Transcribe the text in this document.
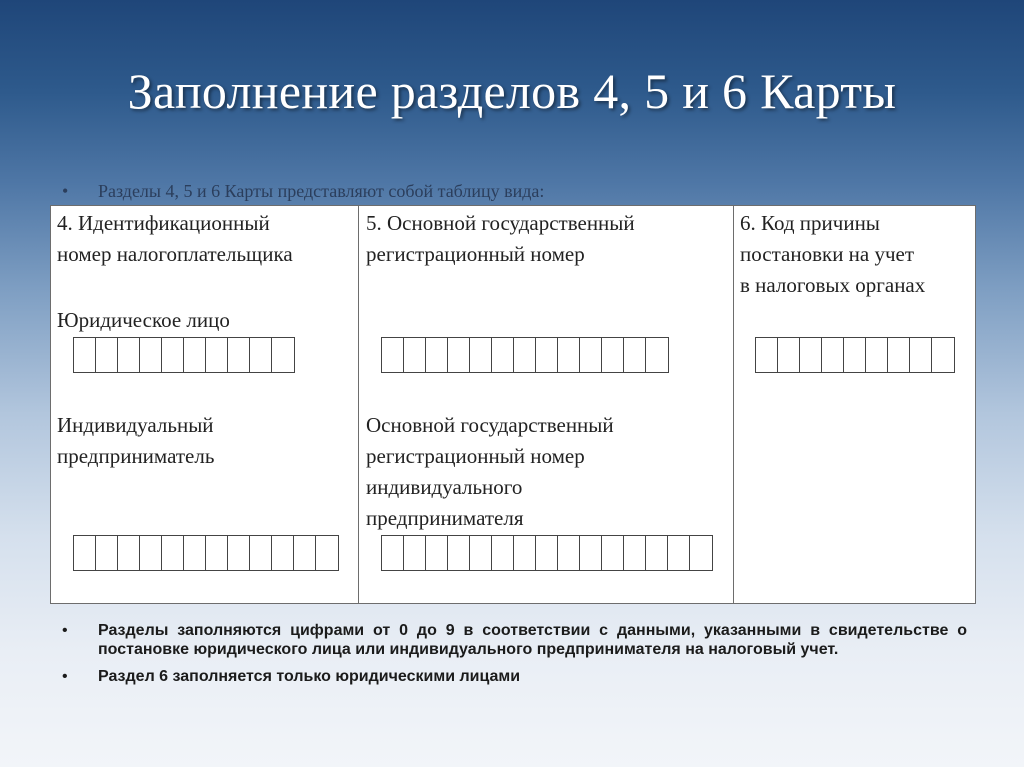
Заполнение разделов 4, 5 и 6 Карты
• Разделы 4, 5 и 6 Карты представляют собой таблицу вида:
4. Идентификационный
номер налогоплательщика
Юридическое лицо
Индивидуальный
предприниматель
5. Основной государственный
регистрационный номер
Основной государственный
регистрационный номер
индивидуального
предпринимателя
6. Код причины
постановки на учет
в налоговых органах
•	Разделы заполняются цифрами от 0 до 9 в соответствии с данными, указанными в свидетельстве о постановке юридического лица или индивидуального предпринимателя на налоговый учет.
•	Раздел 6 заполняется только юридическими лицами
